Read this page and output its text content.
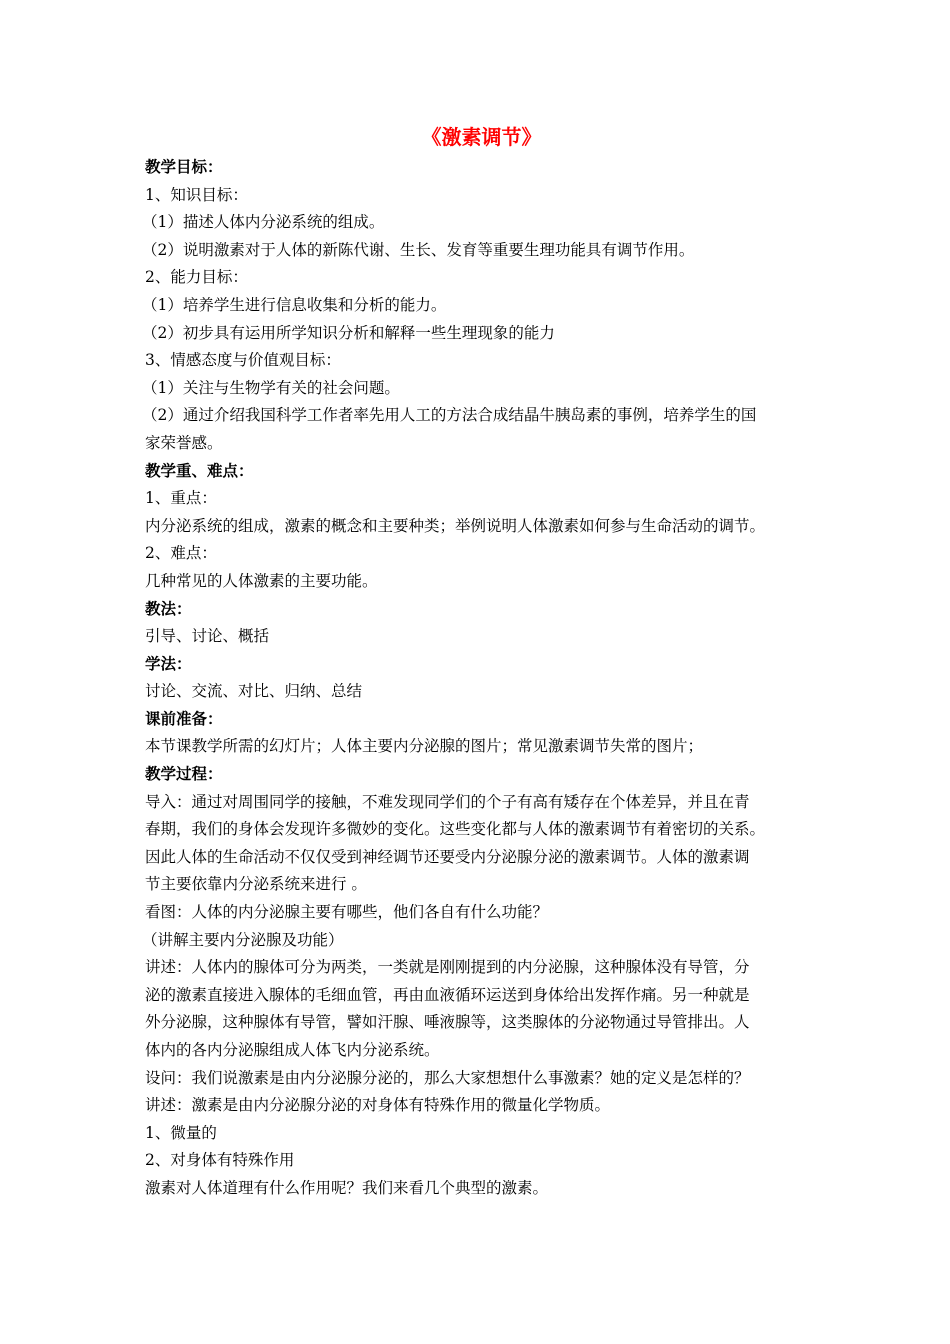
《激素调节》
教学目标：
1、知识目标：
（1）描述人体内分泌系统的组成。
（2）说明激素对于人体的新陈代谢、生长、发育等重要生理功能具有调节作用。
2、能力目标：
（1）培养学生进行信息收集和分析的能力。
（2）初步具有运用所学知识分析和解释一些生理现象的能力
3、情感态度与价值观目标：
（1）关注与生物学有关的社会问题。
（2）通过介绍我国科学工作者率先用人工的方法合成结晶牛胰岛素的事例，培养学生的国
家荣誉感。
教学重、难点：
1、重点：
内分泌系统的组成，激素的概念和主要种类；举例说明人体激素如何参与生命活动的调节。
2、难点：
几种常见的人体激素的主要功能。
教法：
引导、讨论、概括
学法：
讨论、交流、对比、归纳、总结
课前准备：
本节课教学所需的幻灯片；人体主要内分泌腺的图片；常见激素调节失常的图片；
教学过程：
导入：通过对周围同学的接触，不难发现同学们的个子有高有矮存在个体差异，并且在青
春期，我们的身体会发现许多微妙的变化。这些变化都与人体的激素调节有着密切的关系。
因此人体的生命活动不仅仅受到神经调节还要受内分泌腺分泌的激素调节。人体的激素调
节主要依靠内分泌系统来进行 。
看图：人体的内分泌腺主要有哪些，他们各自有什么功能？
（讲解主要内分泌腺及功能）
讲述：人体内的腺体可分为两类，一类就是刚刚提到的内分泌腺，这种腺体没有导管，分
泌的激素直接进入腺体的毛细血管，再由血液循环运送到身体给出发挥作痛。另一种就是
外分泌腺，这种腺体有导管，譬如汗腺、唾液腺等，这类腺体的分泌物通过导管排出。人
体内的各内分泌腺组成人体飞内分泌系统。
设问：我们说激素是由内分泌腺分泌的，那么大家想想什么事激素？她的定义是怎样的？
讲述：激素是由内分泌腺分泌的对身体有特殊作用的微量化学物质。
1、微量的
2、对身体有特殊作用
激素对人体道理有什么作用呢？我们来看几个典型的激素。
